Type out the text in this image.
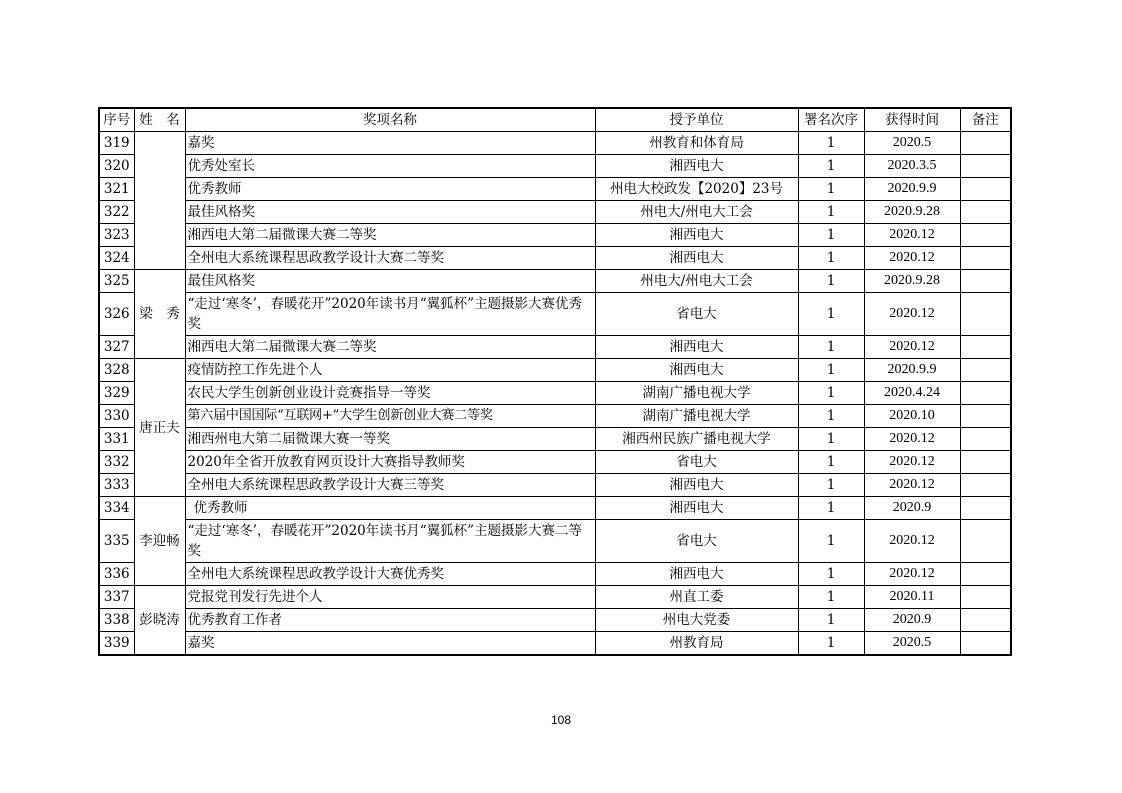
序号	姓　名	奖项名称	授予单位	署名次序	获得时间	备注
319		嘉奖	州教育和体育局	1	2020.5	
320		优秀处室长	湘西电大	1	2020.3.5	
321		优秀教师	州电大校政发【2020】23号	1	2020.9.9	
322		最佳风格奖	州电大/州电大工会	1	2020.9.28	
323		湘西电大第二届微课大赛二等奖	湘西电大	1	2020.12	
324		全州电大系统课程思政教学设计大赛二等奖	湘西电大	1	2020.12	
325	梁　秀	最佳风格奖	州电大/州电大工会	1	2020.9.28	
326		“走过‘寒冬’，春暖花开”2020年读书月“翼狐杯”主题摄影大赛优秀奖	省电大	1	2020.12	
327		湘西电大第二届微课大赛二等奖	湘西电大	1	2020.12	
328	唐正夫	疫情防控工作先进个人	湘西电大	1	2020.9.9	
329		农民大学生创新创业设计竞赛指导一等奖	湖南广播电视大学	1	2020.4.24	
330		第六届中国国际“互联网+”大学生创新创业大赛二等奖	湖南广播电视大学	1	2020.10	
331		湘西州电大第二届微课大赛一等奖	湘西州民族广播电视大学	1	2020.12	
332		2020年全省开放教育网页设计大赛指导教师奖	省电大	1	2020.12	
333		全州电大系统课程思政教学设计大赛三等奖	湘西电大	1	2020.12	
334	李迎畅	优秀教师	湘西电大	1	2020.9	
335		“走过‘寒冬’，春暖花开”2020年读书月“翼狐杯”主题摄影大赛二等奖	省电大	1	2020.12	
336		全州电大系统课程思政教学设计大赛优秀奖	湘西电大	1	2020.12	
337	彭晓涛	党报党刊发行先进个人	州直工委	1	2020.11	
338		优秀教育工作者	州电大党委	1	2020.9	
339		嘉奖	州教育局	1	2020.5	
108
